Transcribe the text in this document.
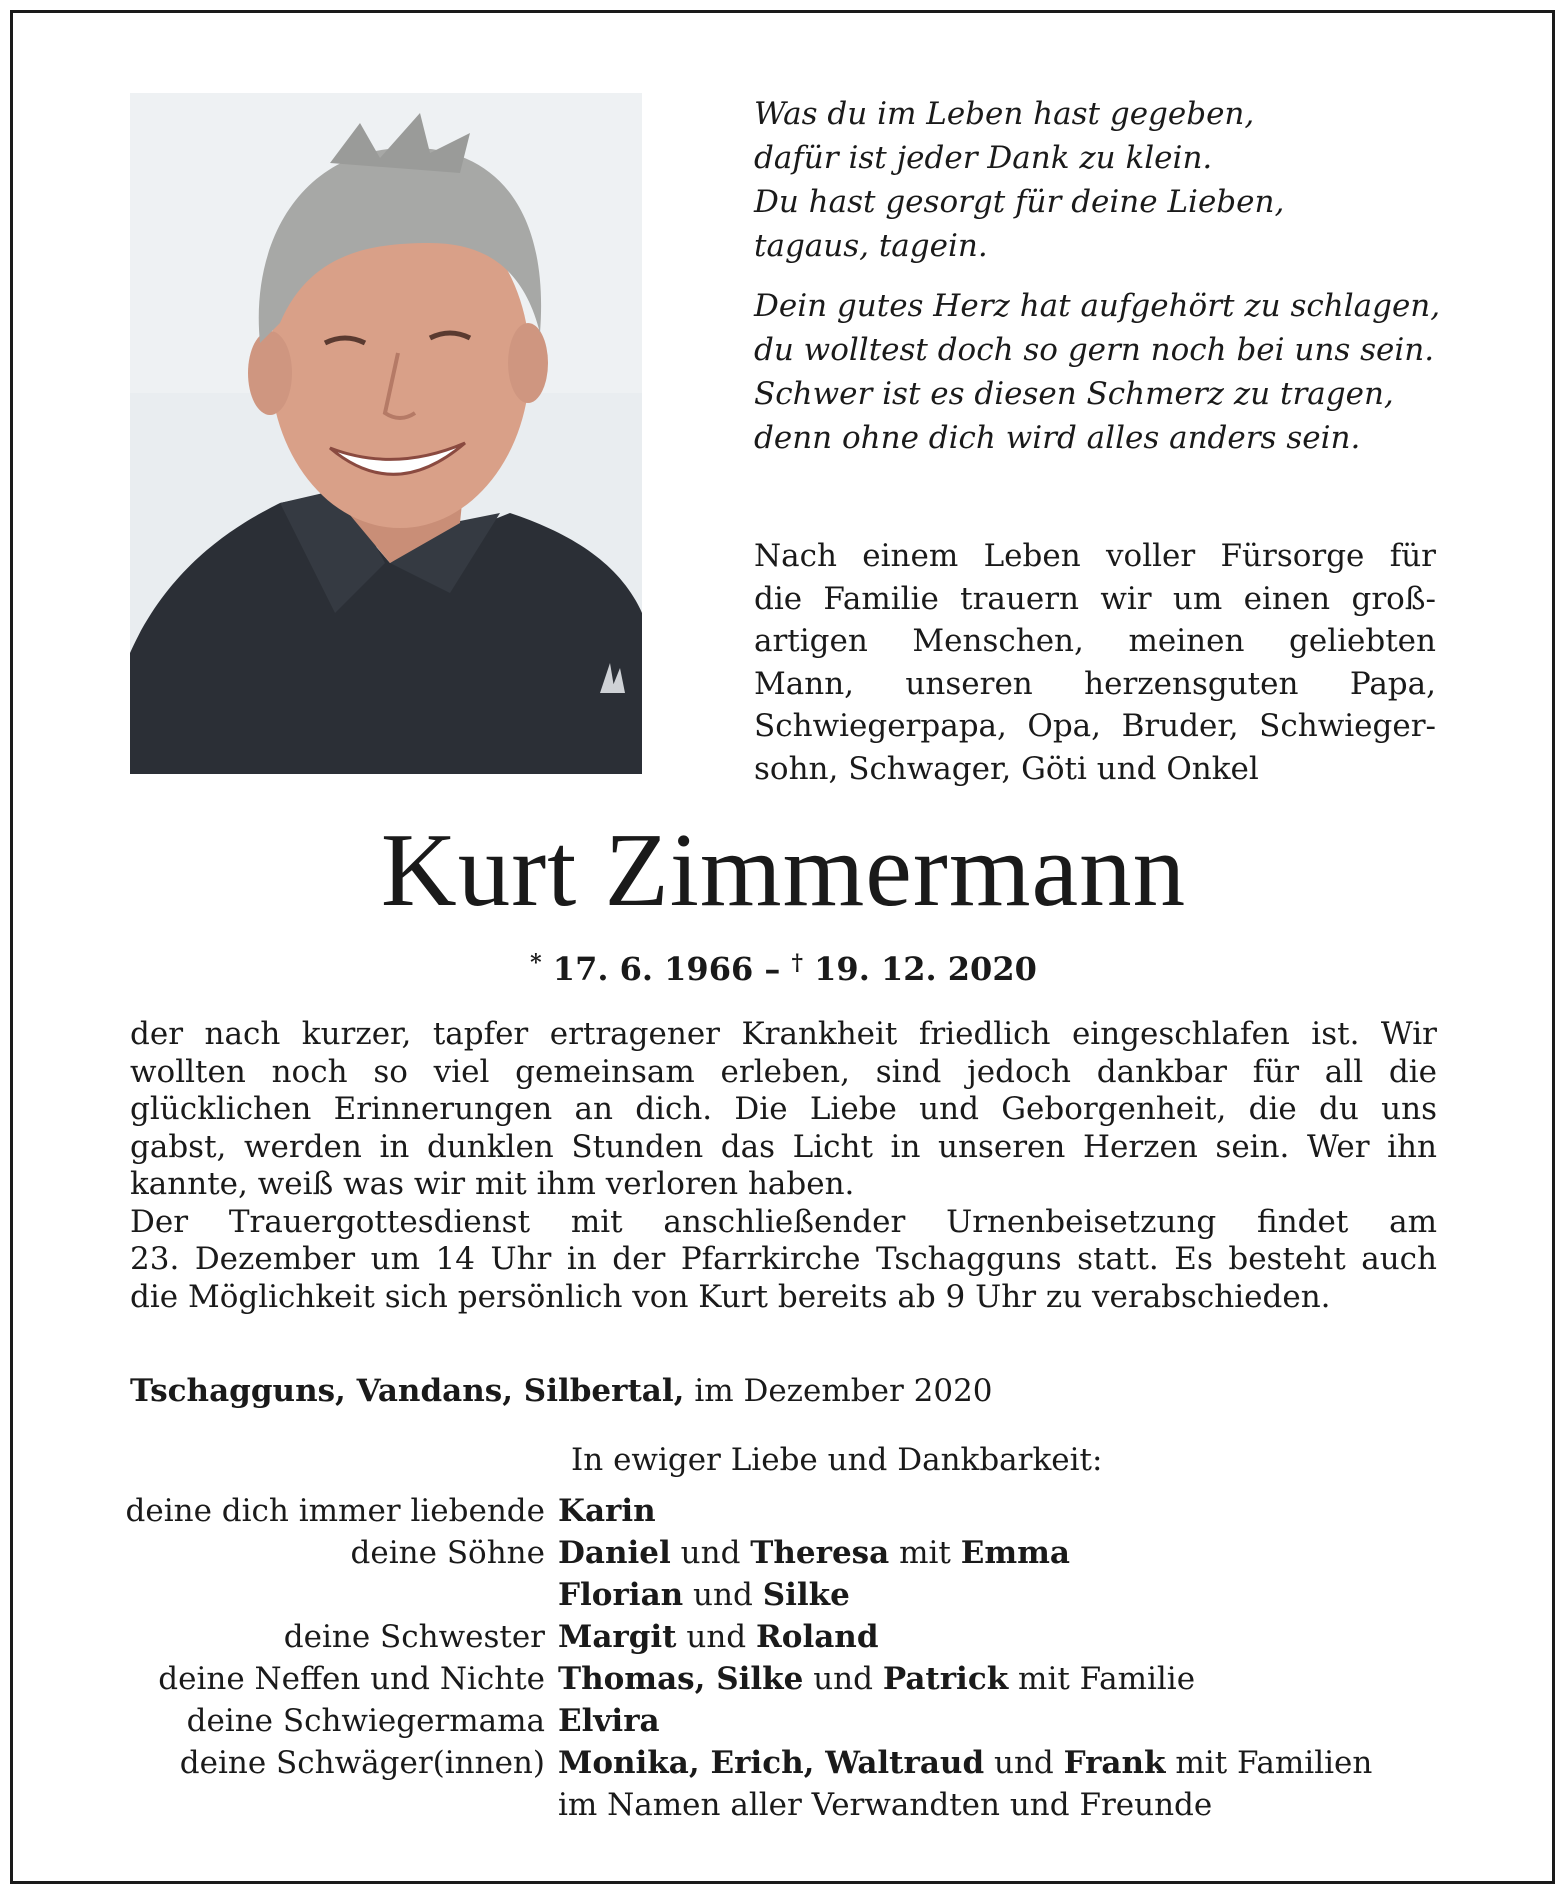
Was du im Leben hast gegeben,
dafür ist jeder Dank zu klein.
Du hast gesorgt für deine Lieben,
tagaus, tagein.

Dein gutes Herz hat aufgehört zu schlagen,
du wolltest doch so gern noch bei uns sein.
Schwer ist es diesen Schmerz zu tragen,
denn ohne dich wird alles anders sein.

Nach einem Leben voller Fürsorge für
die Familie trauern wir um einen groß-
artigen Menschen, meinen geliebten
Mann, unseren herzensguten Papa,
Schwiegerpapa, Opa, Bruder, Schwieger-
sohn, Schwager, Göti und Onkel
Kurt Zimmermann
* 17. 6. 1966 – † 19. 12. 2020
der nach kurzer, tapfer ertragener Krankheit friedlich eingeschlafen ist. Wir
wollten noch so viel gemeinsam erleben, sind jedoch dankbar für all die
glücklichen Erinnerungen an dich. Die Liebe und Geborgenheit, die du uns
gabst, werden in dunklen Stunden das Licht in unseren Herzen sein. Wer ihn
kannte, weiß was wir mit ihm verloren haben.
Der Trauergottesdienst mit anschließender Urnenbeisetzung findet am
23. Dezember um 14 Uhr in der Pfarrkirche Tschagguns statt. Es besteht auch
die Möglichkeit sich persönlich von Kurt bereits ab 9 Uhr zu verabschieden.
Tschagguns, Vandans, Silbertal, im Dezember 2020
In ewiger Liebe und Dankbarkeit:
deine dich immer liebende Karin
deine Söhne Daniel und Theresa mit Emma
Florian und Silke
deine Schwester Margit und Roland
deine Neffen und Nichte Thomas, Silke und Patrick mit Familie
deine Schwiegermama Elvira
deine Schwäger(innen) Monika, Erich, Waltraud und Frank mit Familien
im Namen aller Verwandten und Freunde
